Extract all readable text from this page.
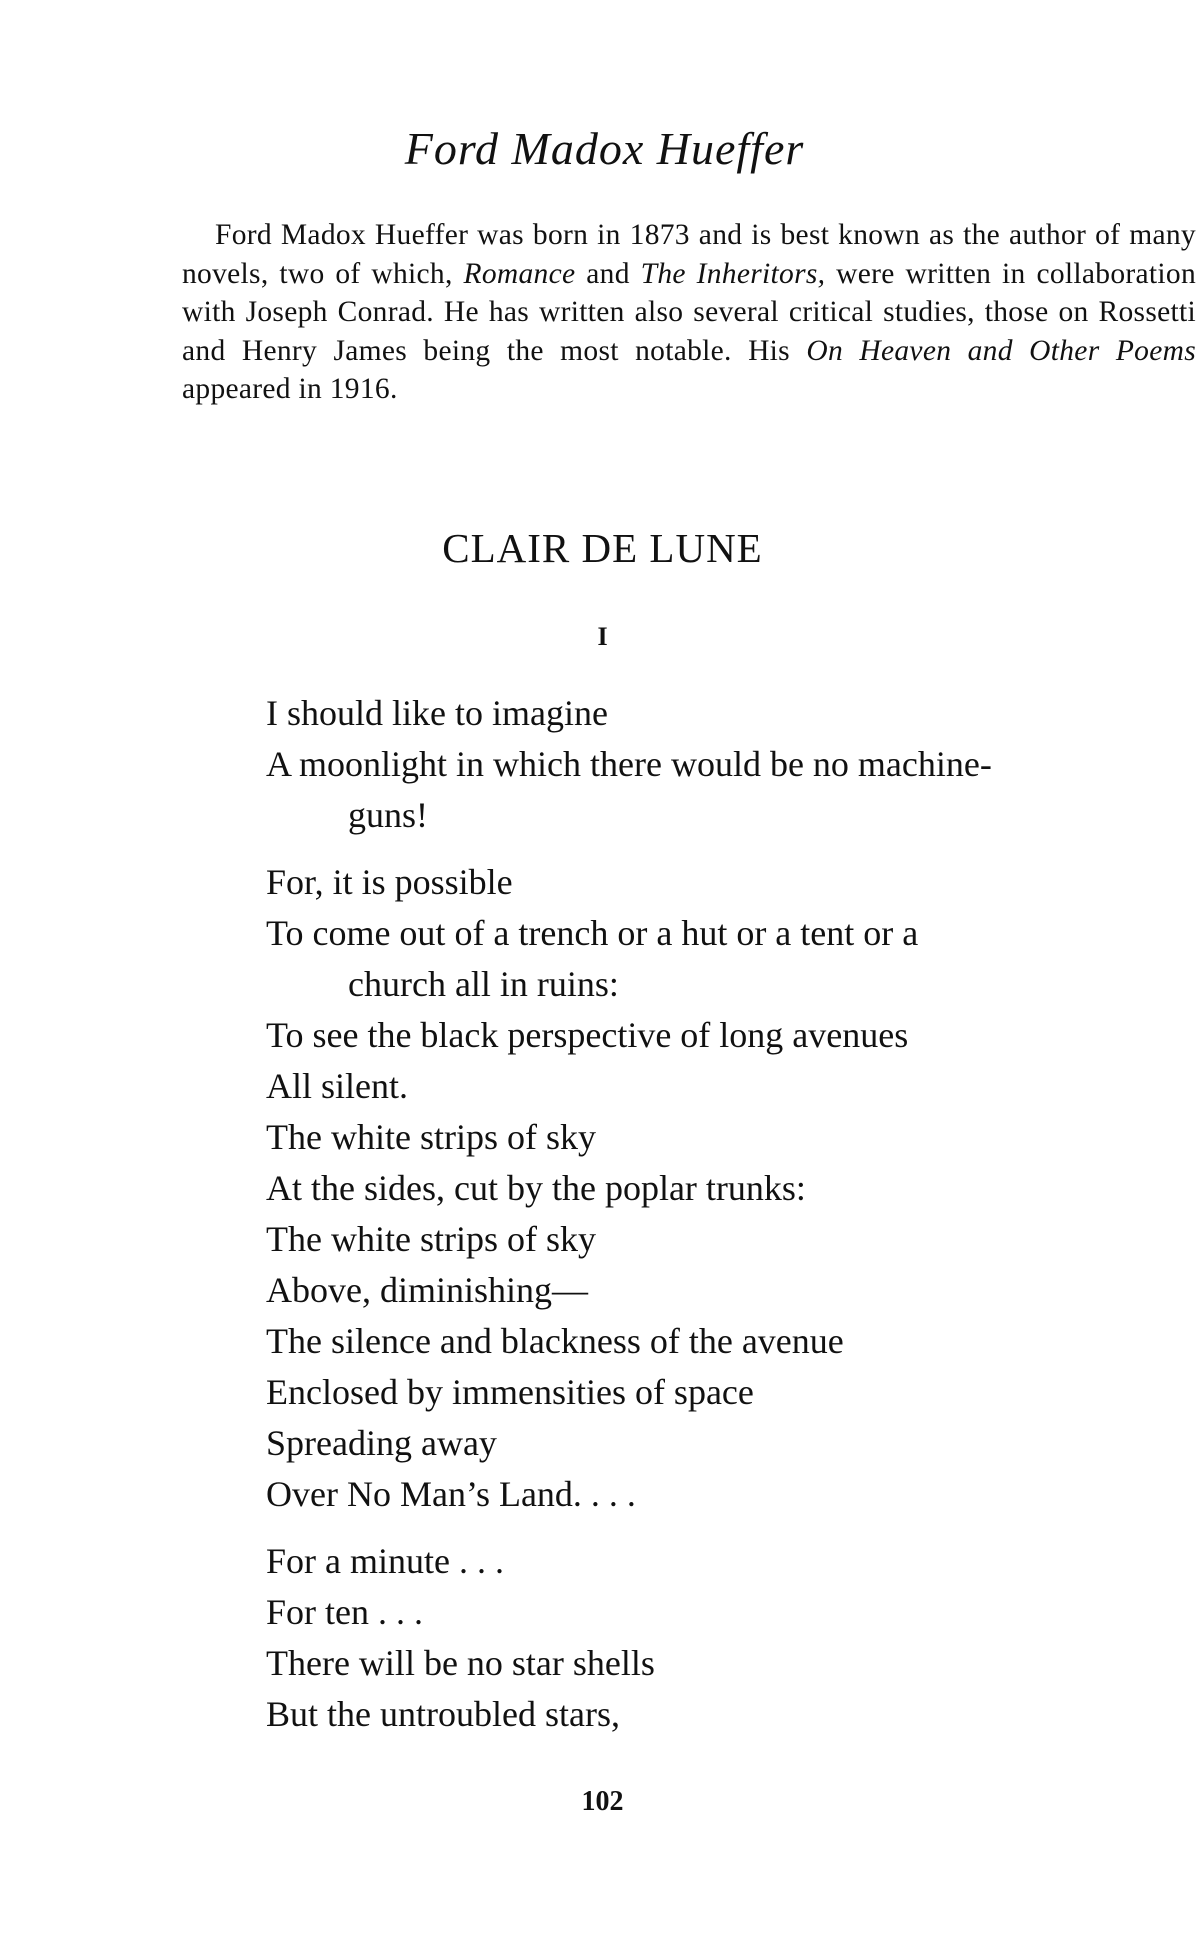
Ford Madox Hueffer

Ford Madox Hueffer was born in 1873 and is best known as the author of many novels, two of which, Romance and The Inheritors, were written in collaboration with Joseph Conrad. He has written also several critical studies, those on Rossetti and Henry James being the most notable. His On Heaven and Other Poems appeared in 1916.

CLAIR DE LUNE
I
I should like to imagine
A moonlight in which there would be no machine-
guns!
For, it is possible
To come out of a trench or a hut or a tent or a
church all in ruins:
To see the black perspective of long avenues
All silent.
The white strips of sky
At the sides, cut by the poplar trunks:
The white strips of sky
Above, diminishing—
The silence and blackness of the avenue
Enclosed by immensities of space
Spreading away
Over No Man’s Land. . . .
For a minute . . .
For ten . . .
There will be no star shells
But the untroubled stars,
102
